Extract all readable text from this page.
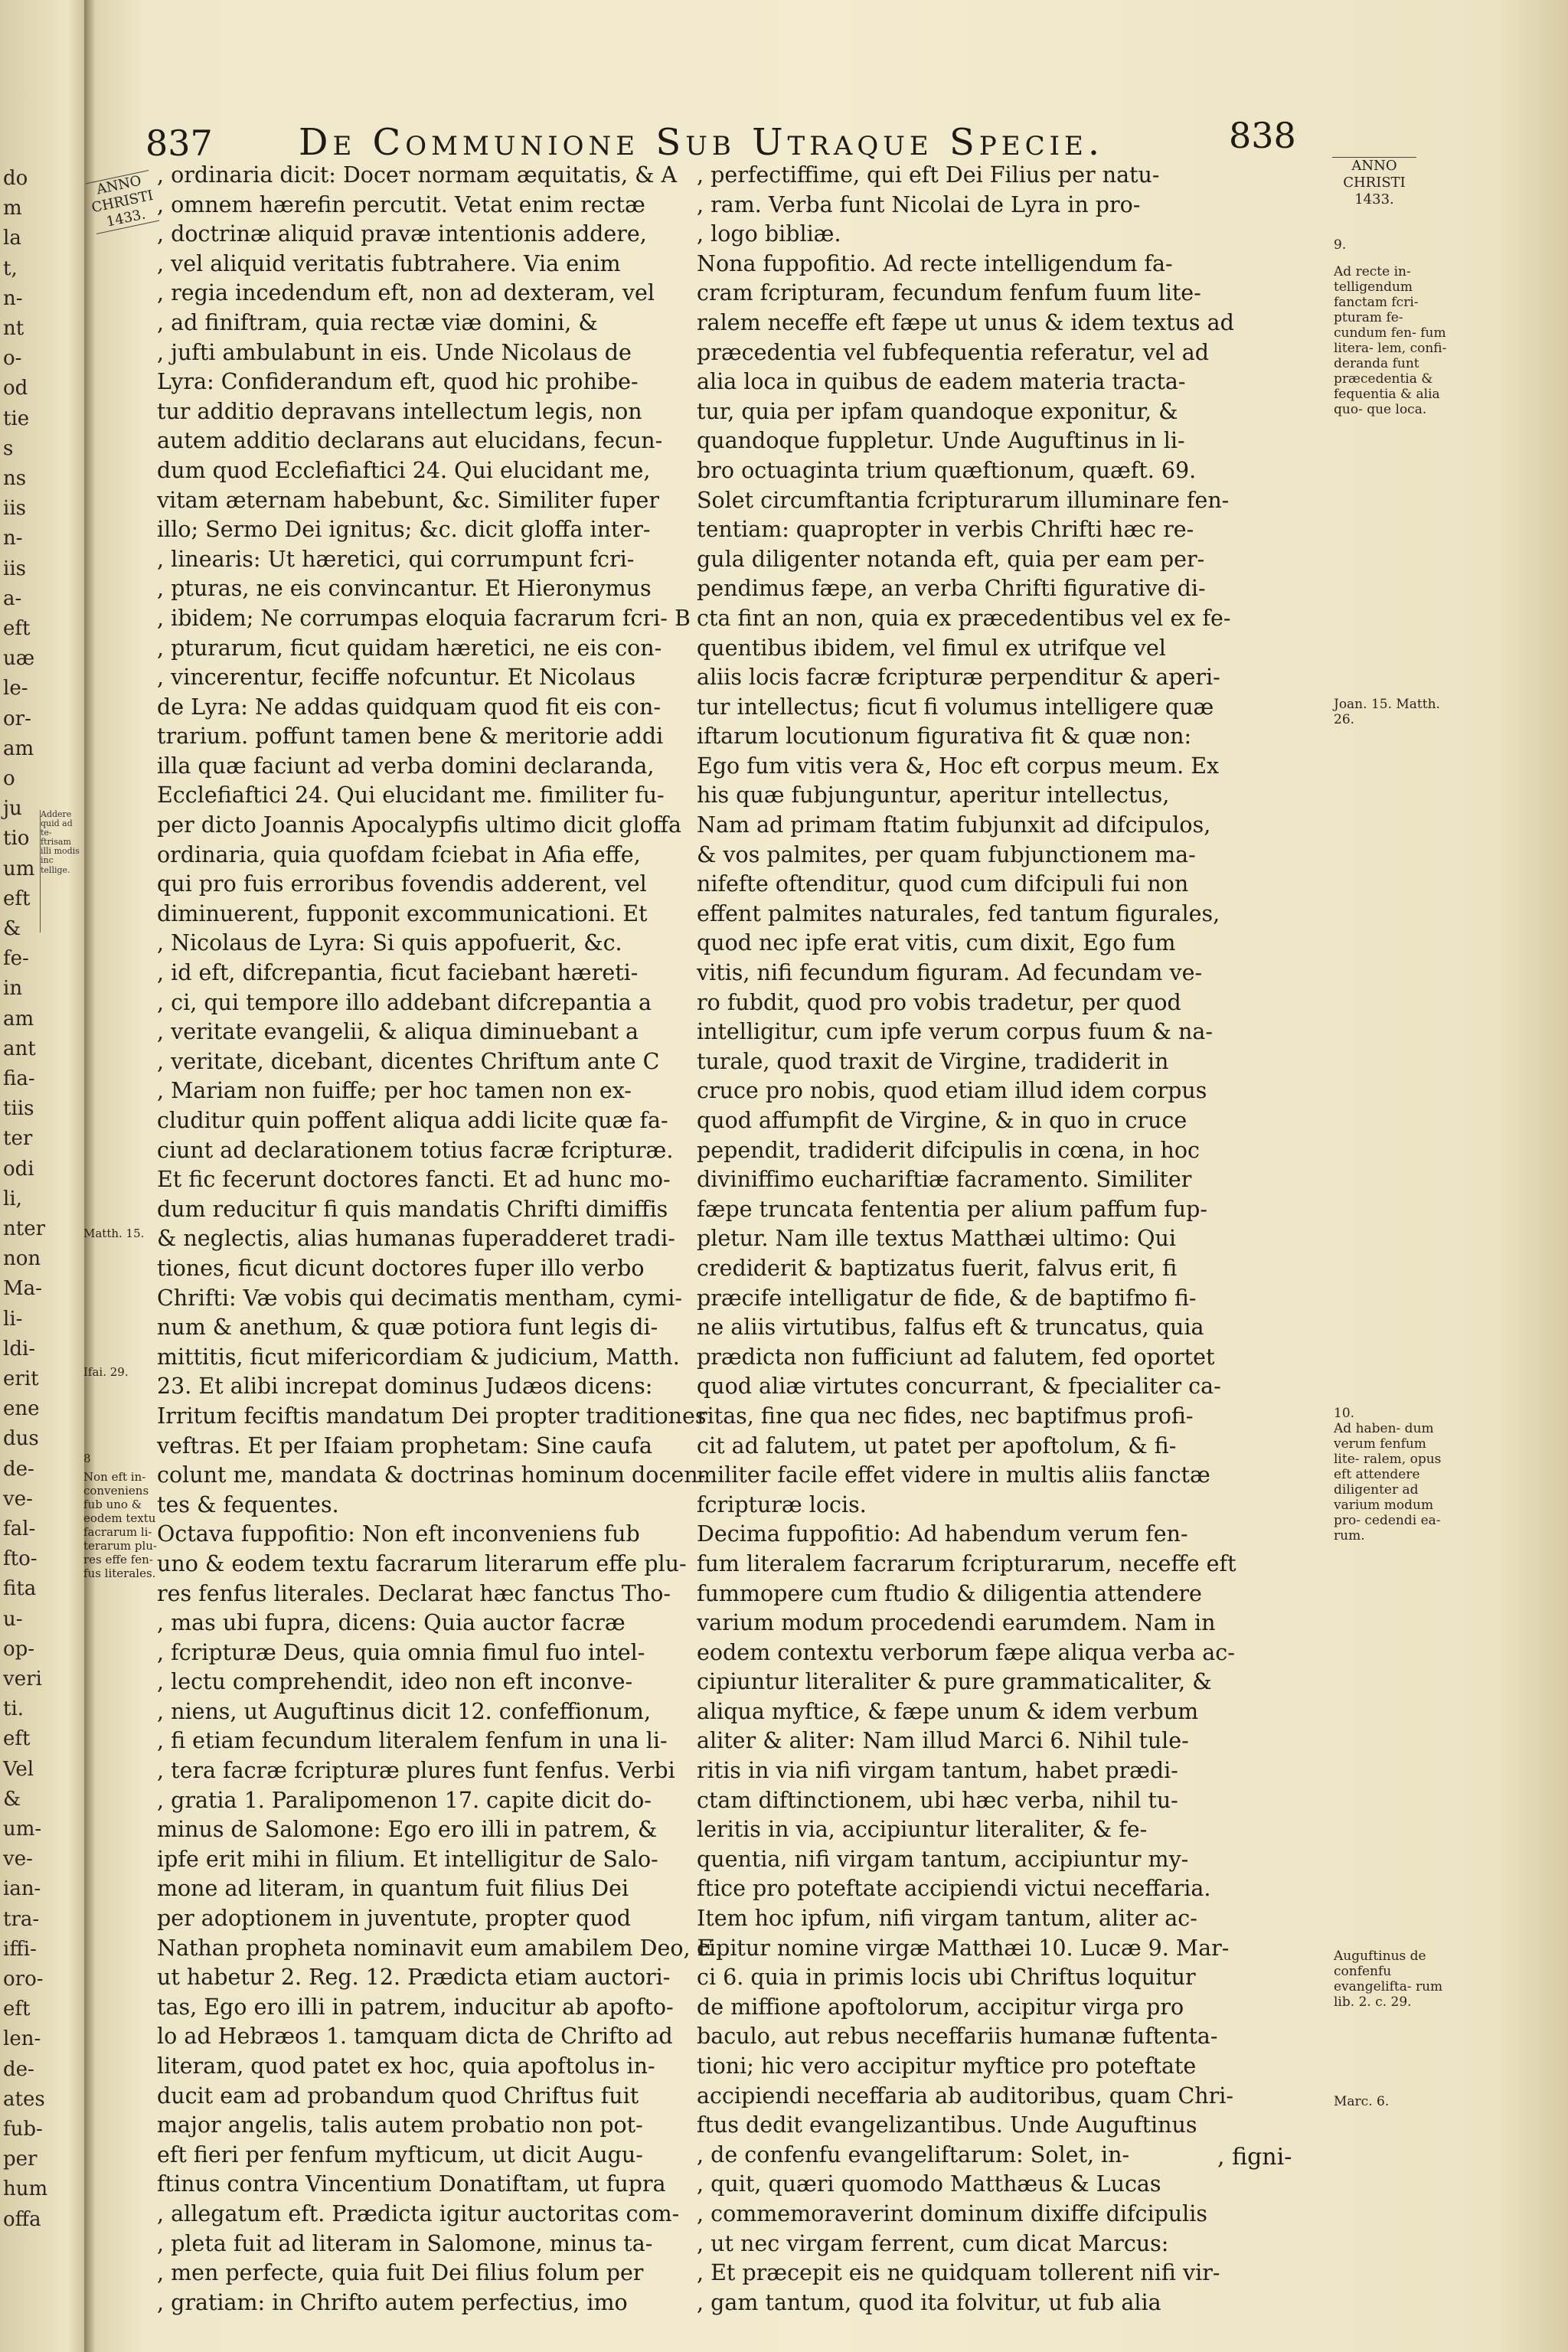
do
m
la
t,
n-
nt
o-
od
tie
s
ns
iis
n-
iis
a-
eft
uæ
le-
or-
am
o
ju
tio
um
eft
&
fe-
in
am
ant
fia-
tiis
ter
odi
li,
nter
non
Ma-
li-
ldi-
erit
ene
dus
de-
ve-
fal-
fto-
fita
u-
op-
veri
ti.
eft
Vel
&
um-
ve-
ian-
tra-
iffi-
oro-
eft
len-
de-
ates
fub-
per
hum
offa
Addere quid ad te- ftrisam illi modis inc tellige.
837 De Communione Sub Utraque Specie.	838
ANNO CHRISTI 1433.
ANNO CHRISTI 1433.

, ordinaria dicit: Doceт normam æquitatis, & A

, omnem hærefin percutit. Vetat enim rectæ

, doctrinæ aliquid pravæ intentionis addere,

, vel aliquid veritatis fubtrahere. Via enim

, regia incedendum eft, non ad dexteram, vel

, ad finiftram, quia rectæ viæ domini, &

, jufti ambulabunt in eis. Unde Nicolaus de

Lyra: Confiderandum eft, quod hic prohibe-

tur additio depravans intellectum legis, non

autem additio declarans aut elucidans, fecun-

dum quod Ecclefiaftici 24. Qui elucidant me,

vitam æternam habebunt, &c. Similiter fuper

illo; Sermo Dei ignitus; &c. dicit gloffa inter-

, linearis: Ut hæretici, qui corrumpunt fcri-

, pturas, ne eis convincantur. Et Hieronymus

, ibidem; Ne corrumpas eloquia facrarum fcri- B

, pturarum, ficut quidam hæretici, ne eis con-

, vincerentur, feciffe nofcuntur. Et Nicolaus

de Lyra: Ne addas quidquam quod fit eis con-

trarium. poffunt tamen bene & meritorie addi

illa quæ faciunt ad verba domini declaranda,

Ecclefiaftici 24. Qui elucidant me. fimiliter fu-

per dicto Joannis Apocalypfis ultimo dicit gloffa

ordinaria, quia quofdam fciebat in Afia effe,

qui pro fuis erroribus fovendis adderent, vel

diminuerent, fupponit excommunicationi. Et

, Nicolaus de Lyra: Si quis appofuerit, &c.

, id eft, difcrepantia, ficut faciebant hæreti-

, ci, qui tempore illo addebant difcrepantia a

, veritate evangelii, & aliqua diminuebant a

, veritate, dicebant, dicentes Chriftum ante C

, Mariam non fuiffe; per hoc tamen non ex-

cluditur quin poffent aliqua addi licite quæ fa-

ciunt ad declarationem totius facræ fcripturæ.

Et fic fecerunt doctores fancti. Et ad hunc mo-

dum reducitur fi quis mandatis Chrifti dimiffis

& neglectis, alias humanas fuperadderet tradi-

tiones, ficut dicunt doctores fuper illo verbo

Chrifti: Væ vobis qui decimatis mentham, cymi-

num & anethum, & quæ potiora funt legis di-

mittitis, ficut mifericordiam & judicium, Matth.

23. Et alibi increpat dominus Judæos dicens:

Irritum feciftis mandatum Dei propter traditiones

veftras. Et per Ifaiam prophetam: Sine caufa

colunt me, mandata & doctrinas hominum docen-

tes & fequentes.

Octava fuppofitio: Non eft inconveniens fub

uno & eodem textu facrarum literarum effe plu-

res fenfus literales. Declarat hæc fanctus Tho-

, mas ubi fupra, dicens: Quia auctor facræ

, fcripturæ Deus, quia omnia fimul fuo intel-

, lectu comprehendit, ideo non eft inconve-

, niens, ut Auguftinus dicit 12. confeffionum,

, fi etiam fecundum literalem fenfum in una li-

, tera facræ fcripturæ plures funt fenfus. Verbi

, gratia 1. Paralipomenon 17. capite dicit do-

minus de Salomone: Ego ero illi in patrem, &

ipfe erit mihi in filium. Et intelligitur de Salo-

mone ad literam, in quantum fuit filius Dei

per adoptionem in juventute, propter quod

Nathan propheta nominavit eum amabilem Deo, E

ut habetur 2. Reg. 12. Prædicta etiam auctori-

tas, Ego ero illi in patrem, inducitur ab apofto-

lo ad Hebræos 1. tamquam dicta de Chrifto ad

literam, quod patet ex hoc, quia apoftolus in-

ducit eam ad probandum quod Chriftus fuit

major angelis, talis autem probatio non pot-

eft fieri per fenfum myfticum, ut dicit Augu-

ftinus contra Vincentium Donatiftam, ut fupra

, allegatum eft. Prædicta igitur auctoritas com-

, pleta fuit ad literam in Salomone, minus ta-

, men perfecte, quia fuit Dei filius folum per

, gratiam: in Chrifto autem perfectius, imo

, perfectiffime, qui eft Dei Filius per natu-

, ram. Verba funt Nicolai de Lyra in pro-

, logo bibliæ.

Nona fuppofitio. Ad recte intelligendum fa-

cram fcripturam, fecundum fenfum fuum lite-

ralem neceffe eft fæpe ut unus & idem textus ad

præcedentia vel fubfequentia referatur, vel ad

alia loca in quibus de eadem materia tracta-

tur, quia per ipfam quandoque exponitur, &

quandoque fuppletur. Unde Auguftinus in li-

bro octuaginta trium quæftionum, quæft. 69.

Solet circumftantia fcripturarum illuminare fen-

tentiam: quapropter in verbis Chrifti hæc re-

gula diligenter notanda eft, quia per eam per-

pendimus fæpe, an verba Chrifti figurative di-

cta fint an non, quia ex præcedentibus vel ex fe-

quentibus ibidem, vel fimul ex utrifque vel

aliis locis facræ fcripturæ perpenditur & aperi-

tur intellectus; ficut fi volumus intelligere quæ

iftarum locutionum figurativa fit & quæ non:

Ego fum vitis vera &, Hoc eft corpus meum. Ex

his quæ fubjunguntur, aperitur intellectus,

Nam ad primam ftatim fubjunxit ad difcipulos,

& vos palmites, per quam fubjunctionem ma-

nifefte oftenditur, quod cum difcipuli fui non

effent palmites naturales, fed tantum figurales,

quod nec ipfe erat vitis, cum dixit, Ego fum

vitis, nifi fecundum figuram. Ad fecundam ve-

ro fubdit, quod pro vobis tradetur, per quod

intelligitur, cum ipfe verum corpus fuum & na-

turale, quod traxit de Virgine, tradiderit in

cruce pro nobis, quod etiam illud idem corpus

quod affumpfit de Virgine, & in quo in cruce

pependit, tradiderit difcipulis in cœna, in hoc

diviniffimo euchariftiæ facramento. Similiter

fæpe truncata fententia per alium paffum fup-

pletur. Nam ille textus Matthæi ultimo: Qui

crediderit & baptizatus fuerit, falvus erit, fi

præcife intelligatur de fide, & de baptifmo fi-

ne aliis virtutibus, falfus eft & truncatus, quia

prædicta non fufficiunt ad falutem, fed oportet

quod aliæ virtutes concurrant, & fpecialiter ca-

ritas, fine qua nec fides, nec baptifmus profi-

cit ad falutem, ut patet per apoftolum, & fi-

militer facile effet videre in multis aliis fanctæ

fcripturæ locis.

Decima fuppofitio: Ad habendum verum fen-

fum literalem facrarum fcripturarum, neceffe eft

fummopere cum ftudio & diligentia attendere

varium modum procedendi earumdem. Nam in

eodem contextu verborum fæpe aliqua verba ac-

cipiuntur literaliter & pure grammaticaliter, &

aliqua myftice, & fæpe unum & idem verbum

aliter & aliter: Nam illud Marci 6. Nihil tule-

ritis in via nifi virgam tantum, habet prædi-

ctam diftinctionem, ubi hæc verba, nihil tu-

leritis in via, accipiuntur literaliter, & fe-

quentia, nifi virgam tantum, accipiuntur my-

ftice pro poteftate accipiendi victui neceffaria.

Item hoc ipfum, nifi virgam tantum, aliter ac-

cipitur nomine virgæ Matthæi 10. Lucæ 9. Mar-

ci 6. quia in primis locis ubi Chriftus loquitur

de miffione apoftolorum, accipitur virga pro

baculo, aut rebus neceffariis humanæ fuftenta-

tioni; hic vero accipitur myftice pro poteftate

accipiendi neceffaria ab auditoribus, quam Chri-

ftus dedit evangelizantibus. Unde Auguftinus

, de confenfu evangeliftarum: Solet, in-

, quit, quæri quomodo Matthæus & Lucas

, commemoraverint dominum dixiffe difcipulis

, ut nec virgam ferrent, cum dicat Marcus:

, Et præcepit eis ne quidquam tollerent nifi vir-

, gam tantum, quod ita folvitur, ut fub alia

Matth. 15.
Ifai. 29.
8
Non eft in- conveniens fub uno & eodem textu facrarum li- terarum plu- res effe fen- fus literales.
9.
Ad recte in- telligendum fanctam fcri- pturam fe- cundum fen- fum litera- lem, confi- deranda funt præcedentia & fequentia & alia quo- que loca.
Joan. 15. Matth. 26.
10.
Ad haben- dum verum fenfum lite- ralem, opus eft attendere diligenter ad varium modum pro- cedendi ea- rum.
Auguftinus de confenfu evangelifta- rum lib. 2. c. 29.
Marc. 6.
, figni-
